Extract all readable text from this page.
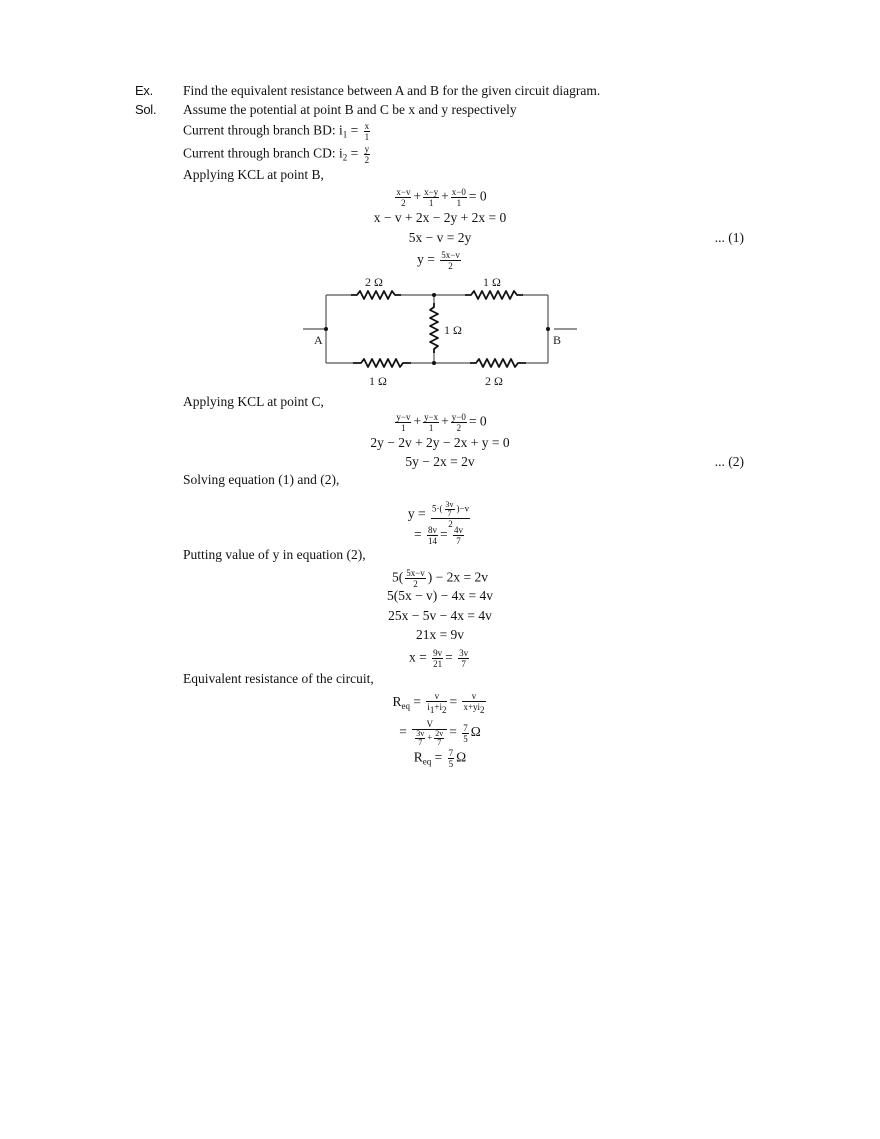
Ex. Find the equivalent resistance between A and B for the given circuit diagram.
Sol. Assume the potential at point B and C be x and y respectively
Current through branch BD: $i_1 = \frac{x}{1}$
Current through branch CD: $i_2 = \frac{y}{2}$
Applying KCL at point B,
$\frac{x-v}{2} + \frac{x-y}{1} + \frac{x-0}{1} = 0$
x − v + 2x − 2y + 2x = 0
5x − v = 2y	... (1)
$y = \frac{5x-v}{2}$
A	B
2 Ω	1 Ω
1 Ω
1 Ω	2 Ω
Applying KCL at point C,
$\frac{y-v}{1} + \frac{y-x}{1} + \frac{y-0}{2} = 0$
2y − 2v + 2y − 2x + y = 0
5y − 2x = 2v	... (2)
Solving equation (1) and (2),
$y = \frac{5\cdot( \frac{3v}{7} )-v}{2}$
= $\frac{8v}{14} = \frac{4v}{7}$
Putting value of y in equation (2),
$5( \frac{5x-v}{2}$ ) − 2x = 2v
5(5x − v) − 4x = 4v
25x − 5v − 4x = 4v
21x = 9v
$x = \frac{9v}{21} = \frac{3v}{7}$
Equivalent resistance of the circuit,
$R_{eq} = \frac{v}{i1+i2} = \frac{v}{x+yi2}$
= $\frac{V}{\frac{3v}{7} + \frac{2v}{7}} = \frac{7}{5}$ Ω
$R_{eq} = \frac{7}{5}$ Ω
